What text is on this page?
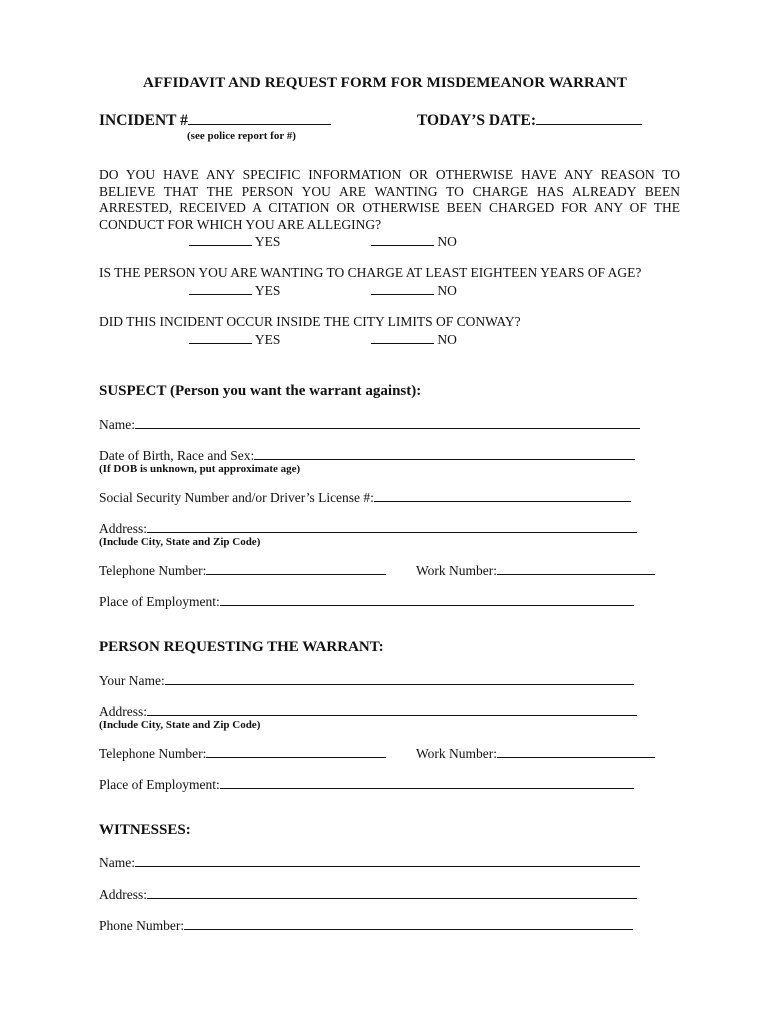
AFFIDAVIT AND REQUEST FORM FOR MISDEMEANOR WARRANT
INCIDENT #
(see police report for #)
TODAY’S DATE:
DO YOU HAVE ANY SPECIFIC INFORMATION OR OTHERWISE HAVE ANY REASON TO BELIEVE THAT THE PERSON YOU ARE WANTING TO CHARGE HAS ALREADY BEEN ARRESTED, RECEIVED A CITATION OR OTHERWISE BEEN CHARGED FOR ANY OF THE CONDUCT FOR WHICH YOU ARE ALLEGING?
YES	NO
IS THE PERSON YOU ARE WANTING TO CHARGE AT LEAST EIGHTEEN YEARS OF AGE?
YES	NO
DID THIS INCIDENT OCCUR INSIDE THE CITY LIMITS OF CONWAY?
YES	NO
SUSPECT (Person you want the warrant against):
Name:
Date of Birth, Race and Sex:
(If DOB is unknown, put approximate age)
Social Security Number and/or Driver’s License #:
Address:
(Include City, State and Zip Code)
Telephone Number:	Work Number:
Place of Employment:
PERSON REQUESTING THE WARRANT:
Your Name:
Address:
(Include City, State and Zip Code)
Telephone Number:	Work Number:
Place of Employment:
WITNESSES:
Name:
Address:
Phone Number:
